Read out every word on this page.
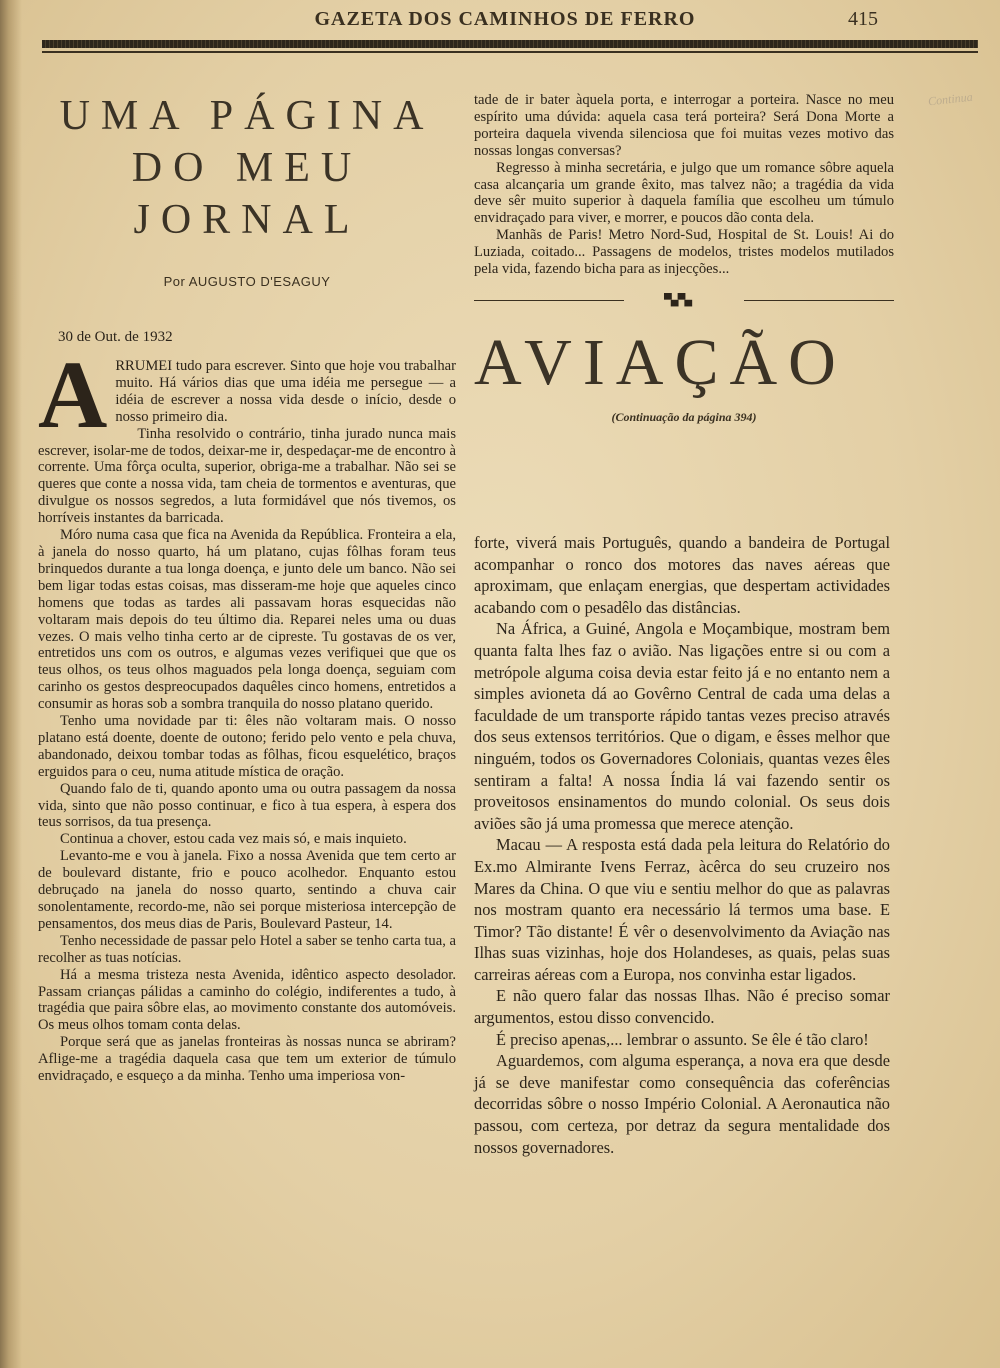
GAZETA DOS CAMINHOS DE FERRO	415
Continua
UMA PÁGINA
DO MEU JORNAL
Por AUGUSTO D'ESAGUY
30 de Out. de 1932
A RRUMEI tudo para escrever. Sinto que hoje vou trabalhar muito. Há vários dias que uma idéia me persegue — a idéia de escrever a nossa vida desde o início, desde o nosso primeiro dia.

Tinha resolvido o contrário, tinha jurado nunca mais escrever, isolar-me de todos, deixar-me ir, despedaçar-me de encontro à corrente. Uma fôrça oculta, superior, obriga-me a trabalhar. Não sei se queres que conte a nossa vida, tam cheia de tormentos e aventuras, que divulgue os nossos segredos, a luta formidável que nós tivemos, os horríveis instantes da barricada.

Móro numa casa que fica na Avenida da República. Fronteira a ela, à janela do nosso quarto, há um platano, cujas fôlhas foram teus brinquedos durante a tua longa doença, e junto dele um banco. Não sei bem ligar todas estas coisas, mas disseram-me hoje que aqueles cinco homens que todas as tardes ali passavam horas esquecidas não voltaram mais depois do teu último dia. Reparei neles uma ou duas vezes. O mais velho tinha certo ar de cipreste. Tu gostavas de os ver, entretidos uns com os outros, e algumas vezes verifiquei que que os teus olhos, os teus olhos maguados pela longa doença, seguiam com carinho os gestos despreocupados daquêles cinco homens, entretidos a consumir as horas sob a sombra tranquila do nosso platano querido.

Tenho uma novidade par ti: êles não voltaram mais. O nosso platano está doente, doente de outono; ferido pelo vento e pela chuva, abandonado, deixou tombar todas as fôlhas, ficou esquelético, braços erguidos para o ceu, numa atitude mística de oração.

Quando falo de ti, quando aponto uma ou outra passagem da nossa vida, sinto que não posso continuar, e fico à tua espera, à espera dos teus sorrisos, da tua presença.

Continua a chover, estou cada vez mais só, e mais inquieto.

Levanto-me e vou à janela. Fixo a nossa Avenida que tem certo ar de boulevard distante, frio e pouco acolhedor. Enquanto estou debruçado na janela do nosso quarto, sentindo a chuva cair sonolentamente, recordo-me, não sei porque misteriosa intercepção de pensamentos, dos meus dias de Paris, Boulevard Pasteur, 14.

Tenho necessidade de passar pelo Hotel a saber se tenho carta tua, a recolher as tuas notícias.

Há a mesma tristeza nesta Avenida, idêntico aspecto desolador. Passam crianças pálidas a caminho do colégio, indiferentes a tudo, à tragédia que paira sôbre elas, ao movimento constante dos automóveis. Os meus olhos tomam conta delas.

Porque será que as janelas fronteiras às nossas nunca se abriram? Aflige-me a tragédia daquela casa que tem um exterior de túmulo envidraçado, e esqueço a da minha. Tenho uma imperiosa von-

tade de ir bater àquela porta, e interrogar a porteira. Nasce no meu espírito uma dúvida: aquela casa terá porteira? Será Dona Morte a porteira daquela vivenda silenciosa que foi muitas vezes motivo das nossas longas conversas?

Regresso à minha secretária, e julgo que um romance sôbre aquela casa alcançaria um grande êxito, mas talvez não; a tragédia da vida deve sêr muito superior à daquela família que escolheu um túmulo envidraçado para viver, e morrer, e poucos dão conta dela.

Manhãs de Paris! Metro Nord-Sud, Hospital de St. Louis! Ai do Luziada, coitado... Passagens de modelos, tristes modelos mutilados pela vida, fazendo bicha para as injecções...

▀▄▀▄
AVIAÇÃO
(Continuação da página 394)

forte, viverá mais Português, quando a bandeira de Portugal acompanhar o ronco dos motores das naves aéreas que aproximam, que enlaçam energias, que despertam actividades acabando com o pesadêlo das distâncias.

Na África, a Guiné, Angola e Moçambique, mostram bem quanta falta lhes faz o avião. Nas ligações entre si ou com a metrópole alguma coisa devia estar feito já e no entanto nem a simples avioneta dá ao Govêrno Central de cada uma delas a faculdade de um transporte rápido tantas vezes preciso através dos seus extensos territórios. Que o digam, e êsses melhor que ninguém, todos os Governadores Coloniais, quantas vezes êles sentiram a falta! A nossa Índia lá vai fazendo sentir os proveitosos ensinamentos do mundo colonial. Os seus dois aviões são já uma promessa que merece atenção.

Macau — A resposta está dada pela leitura do Relatório do Ex.mo Almirante Ivens Ferraz, àcêrca do seu cruzeiro nos Mares da China. O que viu e sentiu melhor do que as palavras nos mostram quanto era necessário lá termos uma base. E Timor? Tão distante! É vêr o desenvolvimento da Aviação nas Ilhas suas vizinhas, hoje dos Holandeses, as quais, pelas suas carreiras aéreas com a Europa, nos convinha estar ligados.

E não quero falar das nossas Ilhas. Não é preciso somar argumentos, estou disso convencido.

É preciso apenas,... lembrar o assunto. Se êle é tão claro!

Aguardemos, com alguma esperança, a nova era que desde já se deve manifestar como consequência das coferências decorridas sôbre o nosso Império Colonial. A Aeronautica não passou, com certeza, por detraz da segura mentalidade dos nossos governadores.
